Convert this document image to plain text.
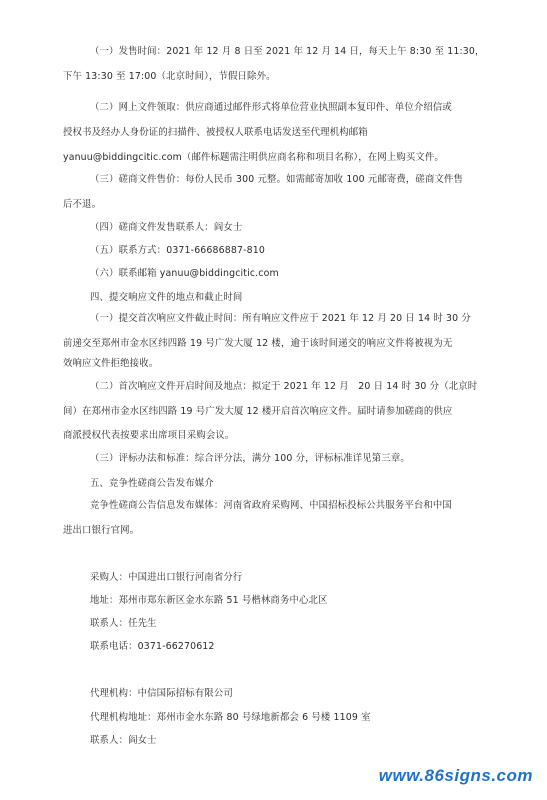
（一）发售时间：2021 年 12 月 8 日至 2021 年 12 月 14 日，每天上午 8:30 至 11:30，
下午 13:30 至 17:00（北京时间），节假日除外。
（二）网上文件领取：供应商通过邮件形式将单位营业执照副本复印件、单位介绍信或
授权书及经办人身份证的扫描件、被授权人联系电话发送至代理机构邮箱
yanuu@biddingcitic.com（邮件标题需注明供应商名称和项目名称），在网上购买文件。
（三）磋商文件售价：每份人民币 300 元整。如需邮寄加收 100 元邮寄费，磋商文件售
后不退。
（四）磋商文件发售联系人：阎女士
（五）联系方式：0371-66686887-810
（六）联系邮箱 yanuu@biddingcitic.com
四、提交响应文件的地点和截止时间
（一）提交首次响应文件截止时间：所有响应文件应于 2021 年 12 月 20 日 14 时 30 分
前递交至郑州市金水区纬四路 19 号广发大厦 12 楼，逾于该时间递交的响应文件将被视为无
效响应文件拒绝接收。
（二）首次响应文件开启时间及地点：拟定于 2021 年 12 月　20 日 14 时 30 分（北京时
间）在郑州市金水区纬四路 19 号广发大厦 12 楼开启首次响应文件。届时请参加磋商的供应
商派授权代表按要求出席项目采购会议。
（三）评标办法和标准：综合评分法，满分 100 分，评标标准详见第三章。
五、竞争性磋商公告发布媒介
竞争性磋商公告信息发布媒体：河南省政府采购网、中国招标投标公共服务平台和中国
进出口银行官网。
采购人：中国进出口银行河南省分行
地址：郑州市郑东新区金水东路 51 号楷林商务中心北区
联系人：任先生
联系电话：0371-66270612
代理机构：中信国际招标有限公司
代理机构地址：郑州市金水东路 80 号绿地新都会 6 号楼 1109 室
联系人：阎女士
www.86signs.com
